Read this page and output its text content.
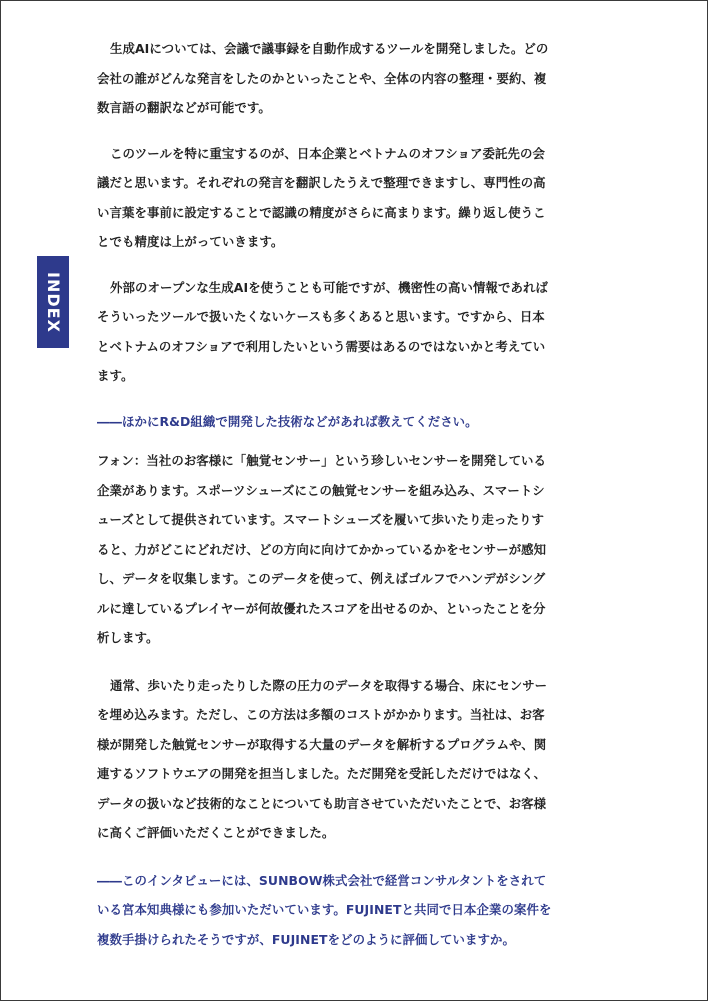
INDEX

生成AIについては、会議で議事録を自動作成するツールを開発しました。どの
会社の誰がどんな発言をしたのかといったことや、全体の内容の整理・要約、複
数言語の翻訳などが可能です。

このツールを特に重宝するのが、日本企業とベトナムのオフショア委託先の会
議だと思います。それぞれの発言を翻訳したうえで整理できますし、専門性の高
い言葉を事前に設定することで認識の精度がさらに高まります。繰り返し使うこ
とでも精度は上がっていきます。

外部のオープンな生成AIを使うことも可能ですが、機密性の高い情報であれば
そういったツールで扱いたくないケースも多くあると思います。ですから、日本
とベトナムのオフショアで利用したいという需要はあるのではないかと考えてい
ます。

――ほかにR&D組織で開発した技術などがあれば教えてください。

フォン：当社のお客様に「触覚センサー」という珍しいセンサーを開発している
企業があります。スポーツシューズにこの触覚センサーを組み込み、スマートシ
ューズとして提供されています。スマートシューズを履いて歩いたり走ったりす
ると、力がどこにどれだけ、どの方向に向けてかかっているかをセンサーが感知
し、データを収集します。このデータを使って、例えばゴルフでハンデがシング
ルに達しているプレイヤーが何故優れたスコアを出せるのか、といったことを分
析します。

通常、歩いたり走ったりした際の圧力のデータを取得する場合、床にセンサー
を埋め込みます。ただし、この方法は多額のコストがかかります。当社は、お客
様が開発した触覚センサーが取得する大量のデータを解析するプログラムや、関
連するソフトウエアの開発を担当しました。ただ開発を受託しただけではなく、
データの扱いなど技術的なことについても助言させていただいたことで、お客様
に高くご評価いただくことができました。

――このインタビューには、SUNBOW株式会社で経営コンサルタントをされて
いる宮本知典様にも参加いただいています。FUJINETと共同で日本企業の案件を
複数手掛けられたそうですが、FUJINETをどのように評価していますか。
